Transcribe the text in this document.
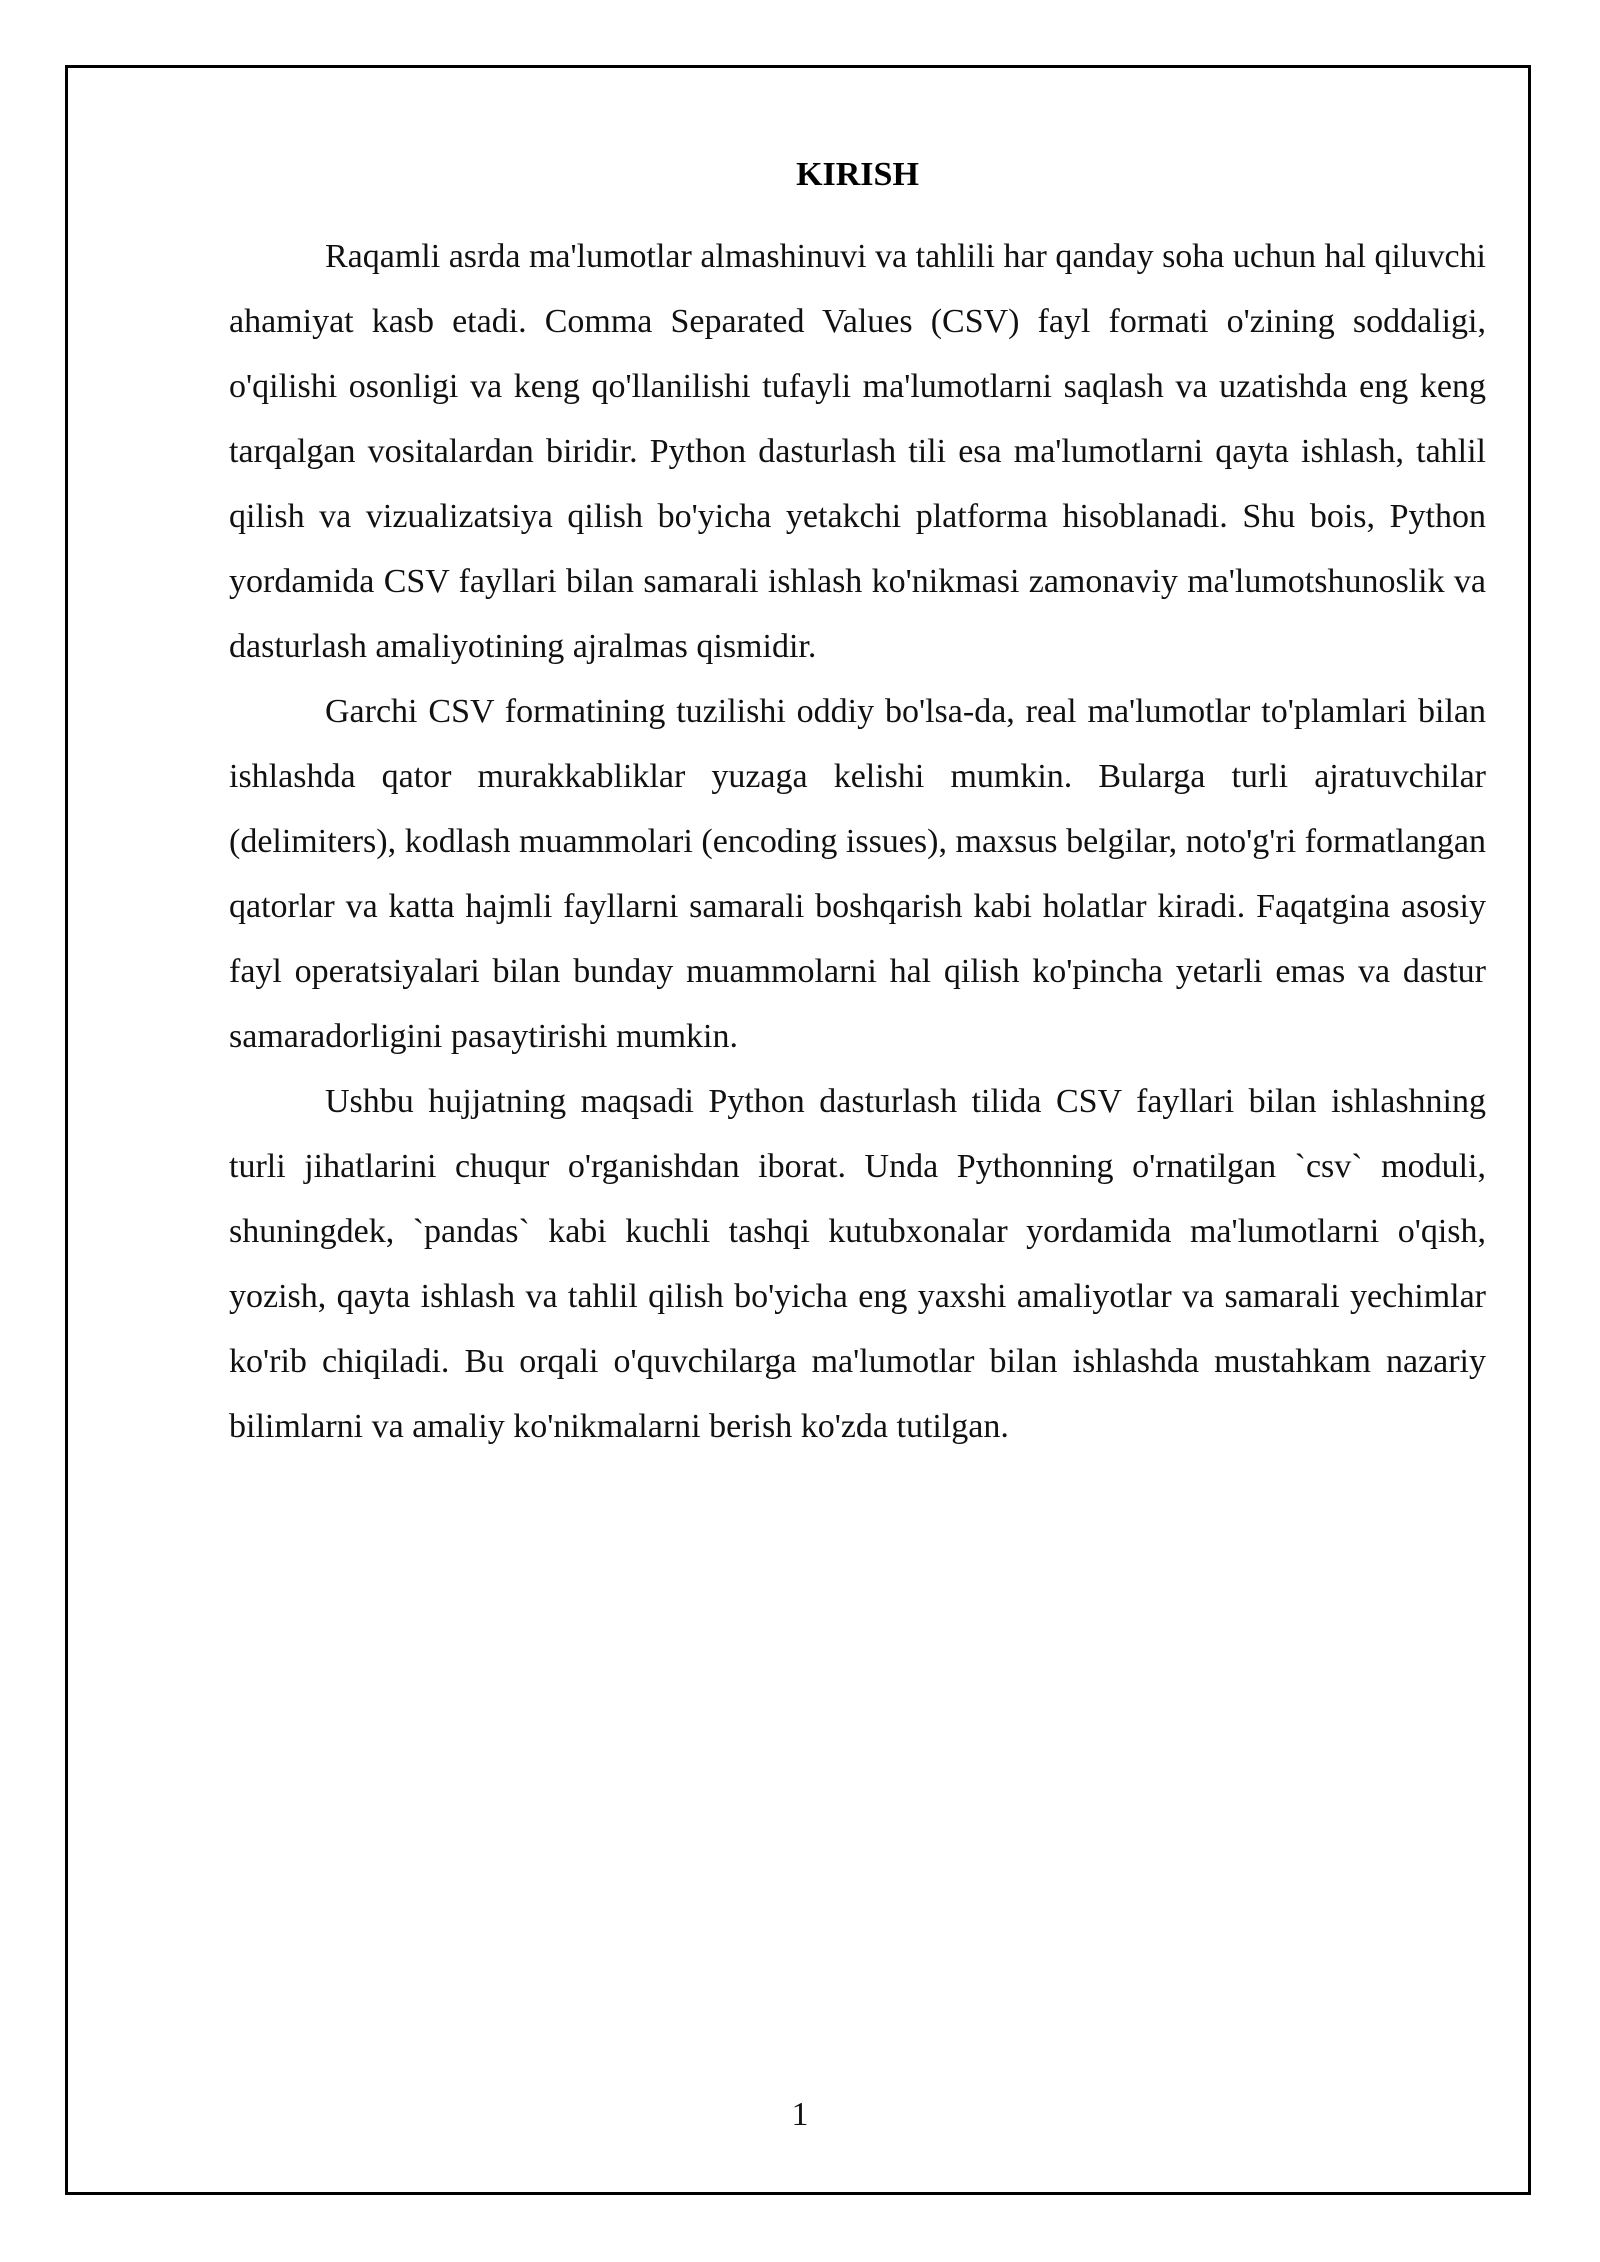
KIRISH

Raqamli asrda ma'lumotlar almashinuvi va tahlili har qanday soha uchun hal qiluvchi ahamiyat kasb etadi. Comma Separated Values (CSV) fayl formati o'zining soddaligi, o'qilishi osonligi va keng qo'llanilishi tufayli ma'lumotlarni saqlash va uzatishda eng keng tarqalgan vositalardan biridir. Python dasturlash tili esa ma'lumotlarni qayta ishlash, tahlil qilish va vizualizatsiya qilish bo'yicha yetakchi platforma hisoblanadi. Shu bois, Python yordamida CSV fayllari bilan samarali ishlash ko'nikmasi zamonaviy ma'lumotshunoslik va dasturlash amaliyotining ajralmas qismidir.

Garchi CSV formatining tuzilishi oddiy bo'lsa-da, real ma'lumotlar to'plamlari bilan ishlashda qator murakkabliklar yuzaga kelishi mumkin. Bularga turli ajratuvchilar (delimiters), kodlash muammolari (encoding issues), maxsus belgilar, noto'g'ri formatlangan qatorlar va katta hajmli fayllarni samarali boshqarish kabi holatlar kiradi. Faqatgina asosiy fayl operatsiyalari bilan bunday muammolarni hal qilish ko'pincha yetarli emas va dastur samaradorligini pasaytirishi mumkin.

Ushbu hujjatning maqsadi Python dasturlash tilida CSV fayllari bilan ishlashning turli jihatlarini chuqur o'rganishdan iborat. Unda Pythonning o'rnatilgan `csv` moduli, shuningdek, `pandas` kabi kuchli tashqi kutubxonalar yordamida ma'lumotlarni o'qish, yozish, qayta ishlash va tahlil qilish bo'yicha eng yaxshi amaliyotlar va samarali yechimlar ko'rib chiqiladi. Bu orqali o'quvchilarga ma'lumotlar bilan ishlashda mustahkam nazariy bilimlarni va amaliy ko'nikmalarni berish ko'zda tutilgan.

1
